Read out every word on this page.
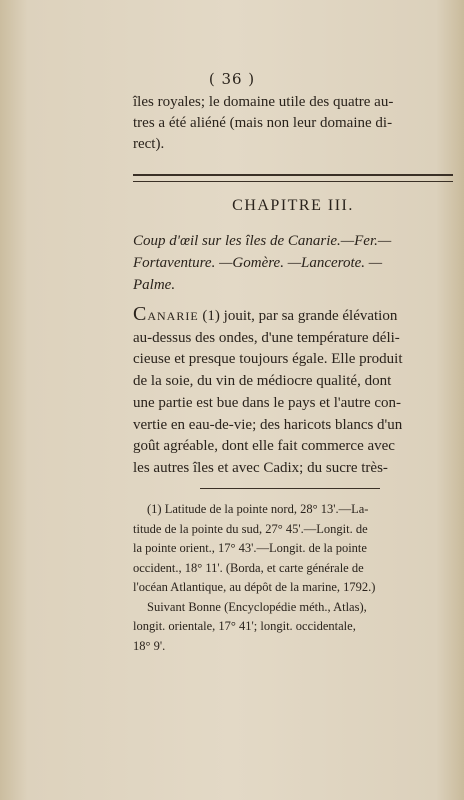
( 36 )
îles royales; le domaine utile des quatre au-
tres a été aliéné (mais non leur domaine di-
rect).
CHAPITRE III.
Coup d'œil sur les îles de Canarie.—Fer.—
Fortaventure. —Gomère. —Lancerote. —
Palme.
CANARIE (1) jouit, par sa grande élévation
au-dessus des ondes, d'une température déli-
cieuse et presque toujours égale. Elle produit
de la soie, du vin de médiocre qualité, dont
une partie est bue dans le pays et l'autre con-
vertie en eau-de-vie; des haricots blancs d'un
goût agréable, dont elle fait commerce avec
les autres îles et avec Cadix; du sucre très-
(1) Latitude de la pointe nord, 28° 13'.—La-
titude de la pointe du sud, 27° 45'.—Longit. de
la pointe orient., 17° 43'.—Longit. de la pointe
occident., 18° 11'. (Borda, et carte générale de
l'océan Atlantique, au dépôt de la marine, 1792.)
Suivant Bonne (Encyclopédie méth., Atlas),
longit. orientale, 17° 41'; longit. occidentale,
18° 9'.
